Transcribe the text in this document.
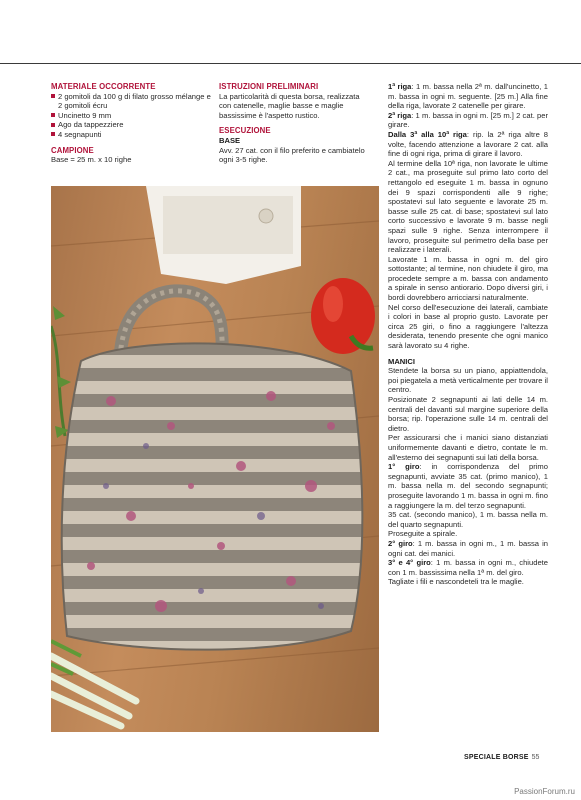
MATERIALE OCCORRENTE
2 gomitoli da 100 g di filato grosso mélange e 2 gomitoli écru
Uncinetto 9 mm
Ago da tappezziere
4 segnapunti
CAMPIONE

Base = 25 m. x 10 righe

ISTRUZIONI PRELIMINARI

La particolarità di questa borsa, realizzata con catenelle, maglie basse e maglie bassissime è l'aspetto rustico.

ESECUZIONE
BASE

Avv. 27 cat. con il filo preferito e cambiatelo ogni 3-5 righe.

1ª riga: 1 m. bassa nella 2ª m. dall'uncinetto, 1 m. bassa in ogni m. seguente. [25 m.] Alla fine della riga, lavorate 2 catenelle per girare.

2ª riga: 1 m. bassa in ogni m. [25 m.] 2 cat. per girare.

Dalla 3ª alla 10ª riga: rip. la 2ª riga altre 8 volte, facendo attenzione a lavorare 2 cat. alla fine di ogni riga, prima di girare il lavoro.

Al termine della 10ª riga, non lavorate le ultime 2 cat., ma proseguite sul primo lato corto del rettangolo ed eseguite 1 m. bassa in ognuno dei 9 spazi corrispondenti alle 9 righe; spostatevi sul lato seguente e lavorate 25 m. basse sulle 25 cat. di base; spostatevi sul lato corto successivo e lavorate 9 m. basse negli spazi sulle 9 righe. Senza interrompere il lavoro, proseguite sul perimetro della base per realizzare i laterali.

Lavorate 1 m. bassa in ogni m. del giro sottostante; al termine, non chiudete il giro, ma procedete sempre a m. bassa con andamento a spirale in senso antiorario. Dopo diversi giri, i bordi dovrebbero arricciarsi naturalmente.

Nel corso dell'esecuzione dei laterali, cambiate i colori in base al proprio gusto. Lavorate per circa 25 giri, o fino a raggiungere l'altezza desiderata, tenendo presente che ogni manico sarà lavorato su 4 righe.

MANICI

Stendete la borsa su un piano, appiattendola, poi piegatela a metà verticalmente per trovare il centro.

Posizionate 2 segnapunti ai lati delle 14 m. centrali del davanti sul margine superiore della borsa; rip. l'operazione sulle 14 m. centrali del dietro.

Per assicurarsi che i manici siano distanziati uniformemente davanti e dietro, contate le m. all'esterno dei segnapunti sui lati della borsa.

1° giro: in corrispondenza del primo segnapunti, avviate 35 cat. (primo manico), 1 m. bassa nella m. del secondo segnapunti; proseguite lavorando 1 m. bassa in ogni m. fino a raggiungere la m. del terzo segnapunti.

35 cat. (secondo manico), 1 m. bassa nella m. del quarto segnapunti.

Proseguite a spirale.

2° giro: 1 m. bassa in ogni m., 1 m. bassa in ogni cat. dei manici.

3° e 4° giro: 1 m. bassa in ogni m., chiudete con 1 m. bassissima nella 1ª m. del giro.

Tagliate i fili e nascondeteli tra le maglie.

SPECIALE BORSE 55
PassionForum.ru
